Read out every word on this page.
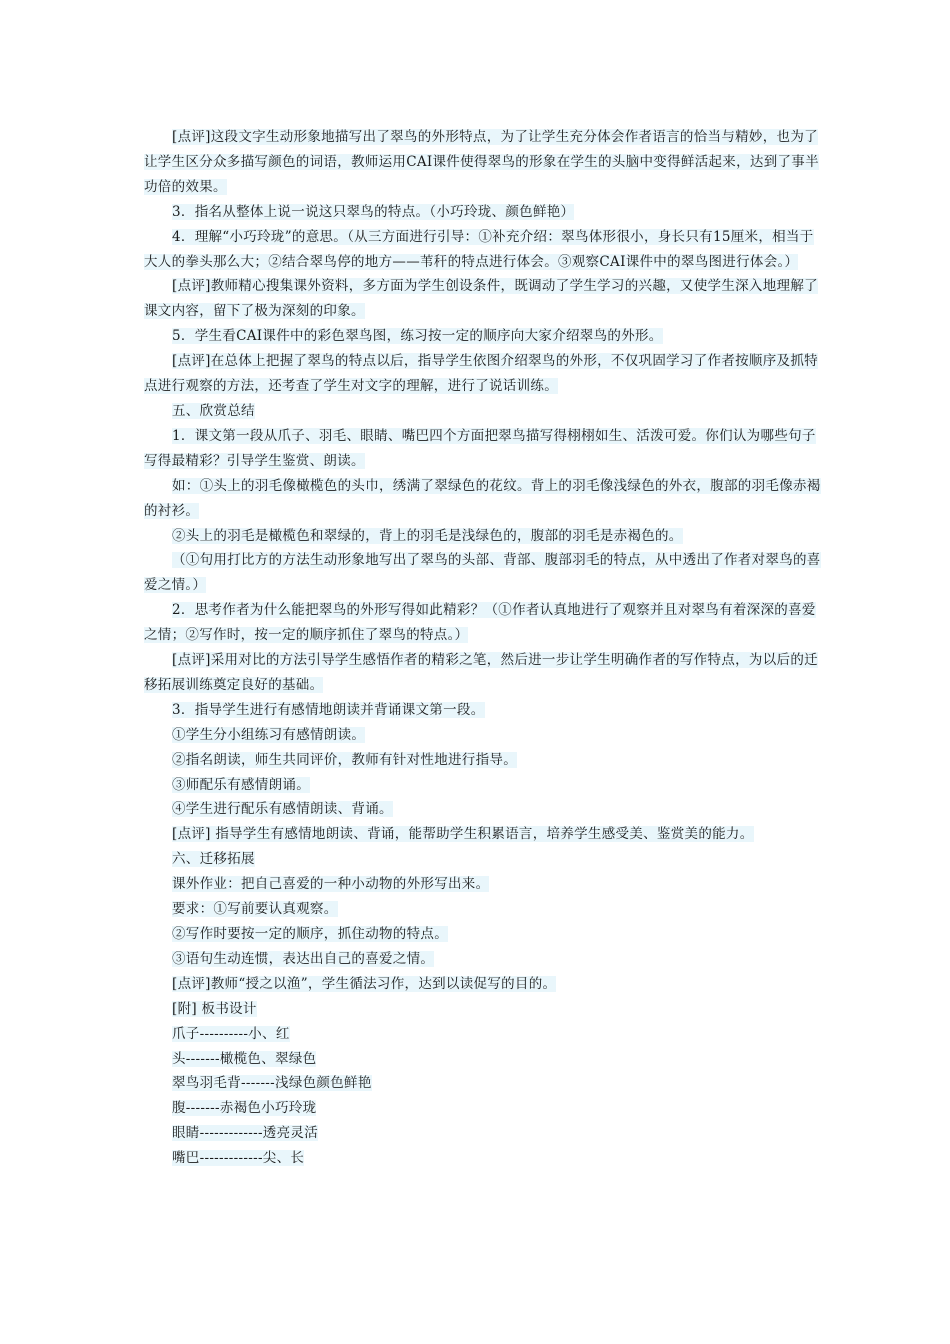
[点评]这段文字生动形象地描写出了翠鸟的外形特点，为了让学生充分体会作者语言的恰当与精妙，也为了让学生区分众多描写颜色的词语，教师运用CAI课件使得翠鸟的形象在学生的头脑中变得鲜活起来，达到了事半功倍的效果。

3．指名从整体上说一说这只翠鸟的特点。（小巧玲珑、颜色鲜艳）

4．理解“小巧玲珑”的意思。（从三方面进行引导：①补充介绍：翠鸟体形很小，身长只有15厘米，相当于大人的拳头那么大；②结合翠鸟停的地方——苇秆的特点进行体会。③观察CAI课件中的翠鸟图进行体会。）

[点评]教师精心搜集课外资料，多方面为学生创设条件，既调动了学生学习的兴趣，又使学生深入地理解了课文内容，留下了极为深刻的印象。

5．学生看CAI课件中的彩色翠鸟图，练习按一定的顺序向大家介绍翠鸟的外形。

[点评]在总体上把握了翠鸟的特点以后，指导学生依图介绍翠鸟的外形，不仅巩固学习了作者按顺序及抓特点进行观察的方法，还考查了学生对文字的理解，进行了说话训练。

五、欣赏总结

1．课文第一段从爪子、羽毛、眼睛、嘴巴四个方面把翠鸟描写得栩栩如生、活泼可爱。你们认为哪些句子写得最精彩？引导学生鉴赏、朗读。

如：①头上的羽毛像橄榄色的头巾，绣满了翠绿色的花纹。背上的羽毛像浅绿色的外衣，腹部的羽毛像赤褐的衬衫。

②头上的羽毛是橄榄色和翠绿的，背上的羽毛是浅绿色的，腹部的羽毛是赤褐色的。

（①句用打比方的方法生动形象地写出了翠鸟的头部、背部、腹部羽毛的特点，从中透出了作者对翠鸟的喜爱之情。）

2．思考作者为什么能把翠鸟的外形写得如此精彩？（①作者认真地进行了观察并且对翠鸟有着深深的喜爱之情；②写作时，按一定的顺序抓住了翠鸟的特点。）

[点评]采用对比的方法引导学生感悟作者的精彩之笔，然后进一步让学生明确作者的写作特点，为以后的迁移拓展训练奠定良好的基础。

3．指导学生进行有感情地朗读并背诵课文第一段。

①学生分小组练习有感情朗读。

②指名朗读，师生共同评价，教师有针对性地进行指导。

③师配乐有感情朗诵。

④学生进行配乐有感情朗读、背诵。

[点评] 指导学生有感情地朗读、背诵，能帮助学生积累语言，培养学生感受美、鉴赏美的能力。

六、迁移拓展

课外作业：把自己喜爱的一种小动物的外形写出来。

要求：①写前要认真观察。

②写作时要按一定的顺序，抓住动物的特点。

③语句生动连惯，表达出自己的喜爱之情。

[点评]教师“授之以渔”，学生循法习作，达到以读促写的目的。

[附] 板书设计

爪子----------小、红

头-------橄榄色、翠绿色

翠鸟羽毛背-------浅绿色颜色鲜艳

腹-------赤褐色小巧玲珑

眼睛-------------透亮灵活

嘴巴-------------尖、长
